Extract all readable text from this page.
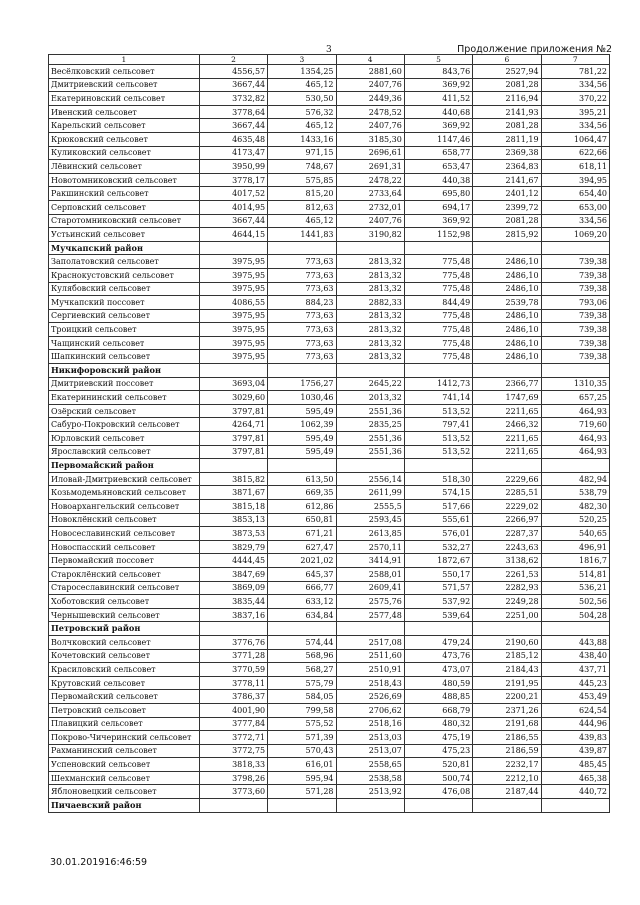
3	Продолжение приложения №2
1	2	3	4	5	6	7
Весёлковский сельсовет	4556,57	1354,25	2881,60	843,76	2527,94	781,22
Дмитриевский сельсовет	3667,44	465,12	2407,76	369,92	2081,28	334,56
Екатериновский сельсовет	3732,82	530,50	2449,36	411,52	2116,94	370,22
Ивенский сельсовет	3778,64	576,32	2478,52	440,68	2141,93	395,21
Карельский сельсовет	3667,44	465,12	2407,76	369,92	2081,28	334,56
Крюковский сельсовет	4635,48	1433,16	3185,30	1147,46	2811,19	1064,47
Куликовский сельсовет	4173,47	971,15	2696,61	658,77	2369,38	622,66
Лёвинский сельсовет	3950,99	748,67	2691,31	653,47	2364,83	618,11
Новотомниковский сельсовет	3778,17	575,85	2478,22	440,38	2141,67	394,95
Ракшинский сельсовет	4017,52	815,20	2733,64	695,80	2401,12	654,40
Серповский сельсовет	4014,95	812,63	2732,01	694,17	2399,72	653,00
Старотомниковский сельсовет	3667,44	465,12	2407,76	369,92	2081,28	334,56
Устьинский сельсовет	4644,15	1441,83	3190,82	1152,98	2815,92	1069,20
Мучкапский район						
Заполатовский сельсовет	3975,95	773,63	2813,32	775,48	2486,10	739,38
Краснокустовский сельсовет	3975,95	773,63	2813,32	775,48	2486,10	739,38
Кулябовский сельсовет	3975,95	773,63	2813,32	775,48	2486,10	739,38
Мучкапский поссовет	4086,55	884,23	2882,33	844,49	2539,78	793,06
Сергиевский сельсовет	3975,95	773,63	2813,32	775,48	2486,10	739,38
Троицкий сельсовет	3975,95	773,63	2813,32	775,48	2486,10	739,38
Чащинский сельсовет	3975,95	773,63	2813,32	775,48	2486,10	739,38
Шапкинский сельсовет	3975,95	773,63	2813,32	775,48	2486,10	739,38
Никифоровский район						
Дмитриевский поссовет	3693,04	1756,27	2645,22	1412,73	2366,77	1310,35
Екатерининский сельсовет	3029,60	1030,46	2013,32	741,14	1747,69	657,25
Озёрский сельсовет	3797,81	595,49	2551,36	513,52	2211,65	464,93
Сабуро-Покровский сельсовет	4264,71	1062,39	2835,25	797,41	2466,32	719,60
Юрловский сельсовет	3797,81	595,49	2551,36	513,52	2211,65	464,93
Ярославский сельсовет	3797,81	595,49	2551,36	513,52	2211,65	464,93
Первомайский район						
Иловай-Дмитриевский сельсовет	3815,82	613,50	2556,14	518,30	2229,66	482,94
Козьмодемьяновский сельсовет	3871,67	669,35	2611,99	574,15	2285,51	538,79
Новоархангельский сельсовет	3815,18	612,86	2555,5	517,66	2229,02	482,30
Новоклёнский сельсовет	3853,13	650,81	2593,45	555,61	2266,97	520,25
Новосеславинский сельсовет	3873,53	671,21	2613,85	576,01	2287,37	540,65
Новоспасский сельсовет	3829,79	627,47	2570,11	532,27	2243,63	496,91
Первомайский поссовет	4444,45	2021,02	3414,91	1872,67	3138,62	1816,7
Староклёнский сельсовет	3847,69	645,37	2588,01	550,17	2261,53	514,81
Старосеславинский сельсовет	3869,09	666,77	2609,41	571,57	2282,93	536,21
Хоботовский сельсовет	3835,44	633,12	2575,76	537,92	2249,28	502,56
Чернышевский сельсовет	3837,16	634,84	2577,48	539,64	2251,00	504,28
Петровский район						
Волчковский сельсовет	3776,76	574,44	2517,08	479,24	2190,60	443,88
Кочетовский сельсовет	3771,28	568,96	2511,60	473,76	2185,12	438,40
Красиловский сельсовет	3770,59	568,27	2510,91	473,07	2184,43	437,71
Крутовский сельсовет	3778,11	575,79	2518,43	480,59	2191,95	445,23
Первомайский сельсовет	3786,37	584,05	2526,69	488,85	2200,21	453,49
Петровский сельсовет	4001,90	799,58	2706,62	668,79	2371,26	624,54
Плавицкий сельсовет	3777,84	575,52	2518,16	480,32	2191,68	444,96
Покрово-Чичеринский сельсовет	3772,71	571,39	2513,03	475,19	2186,55	439,83
Рахманинский сельсовет	3772,75	570,43	2513,07	475,23	2186,59	439,87
Успеновский сельсовет	3818,33	616,01	2558,65	520,81	2232,17	485,45
Шехманский сельсовет	3798,26	595,94	2538,58	500,74	2212,10	465,38
Яблоновецкий сельсовет	3773,60	571,28	2513,92	476,08	2187,44	440,72
Пичаевский район						
30.01.201916:46:59
